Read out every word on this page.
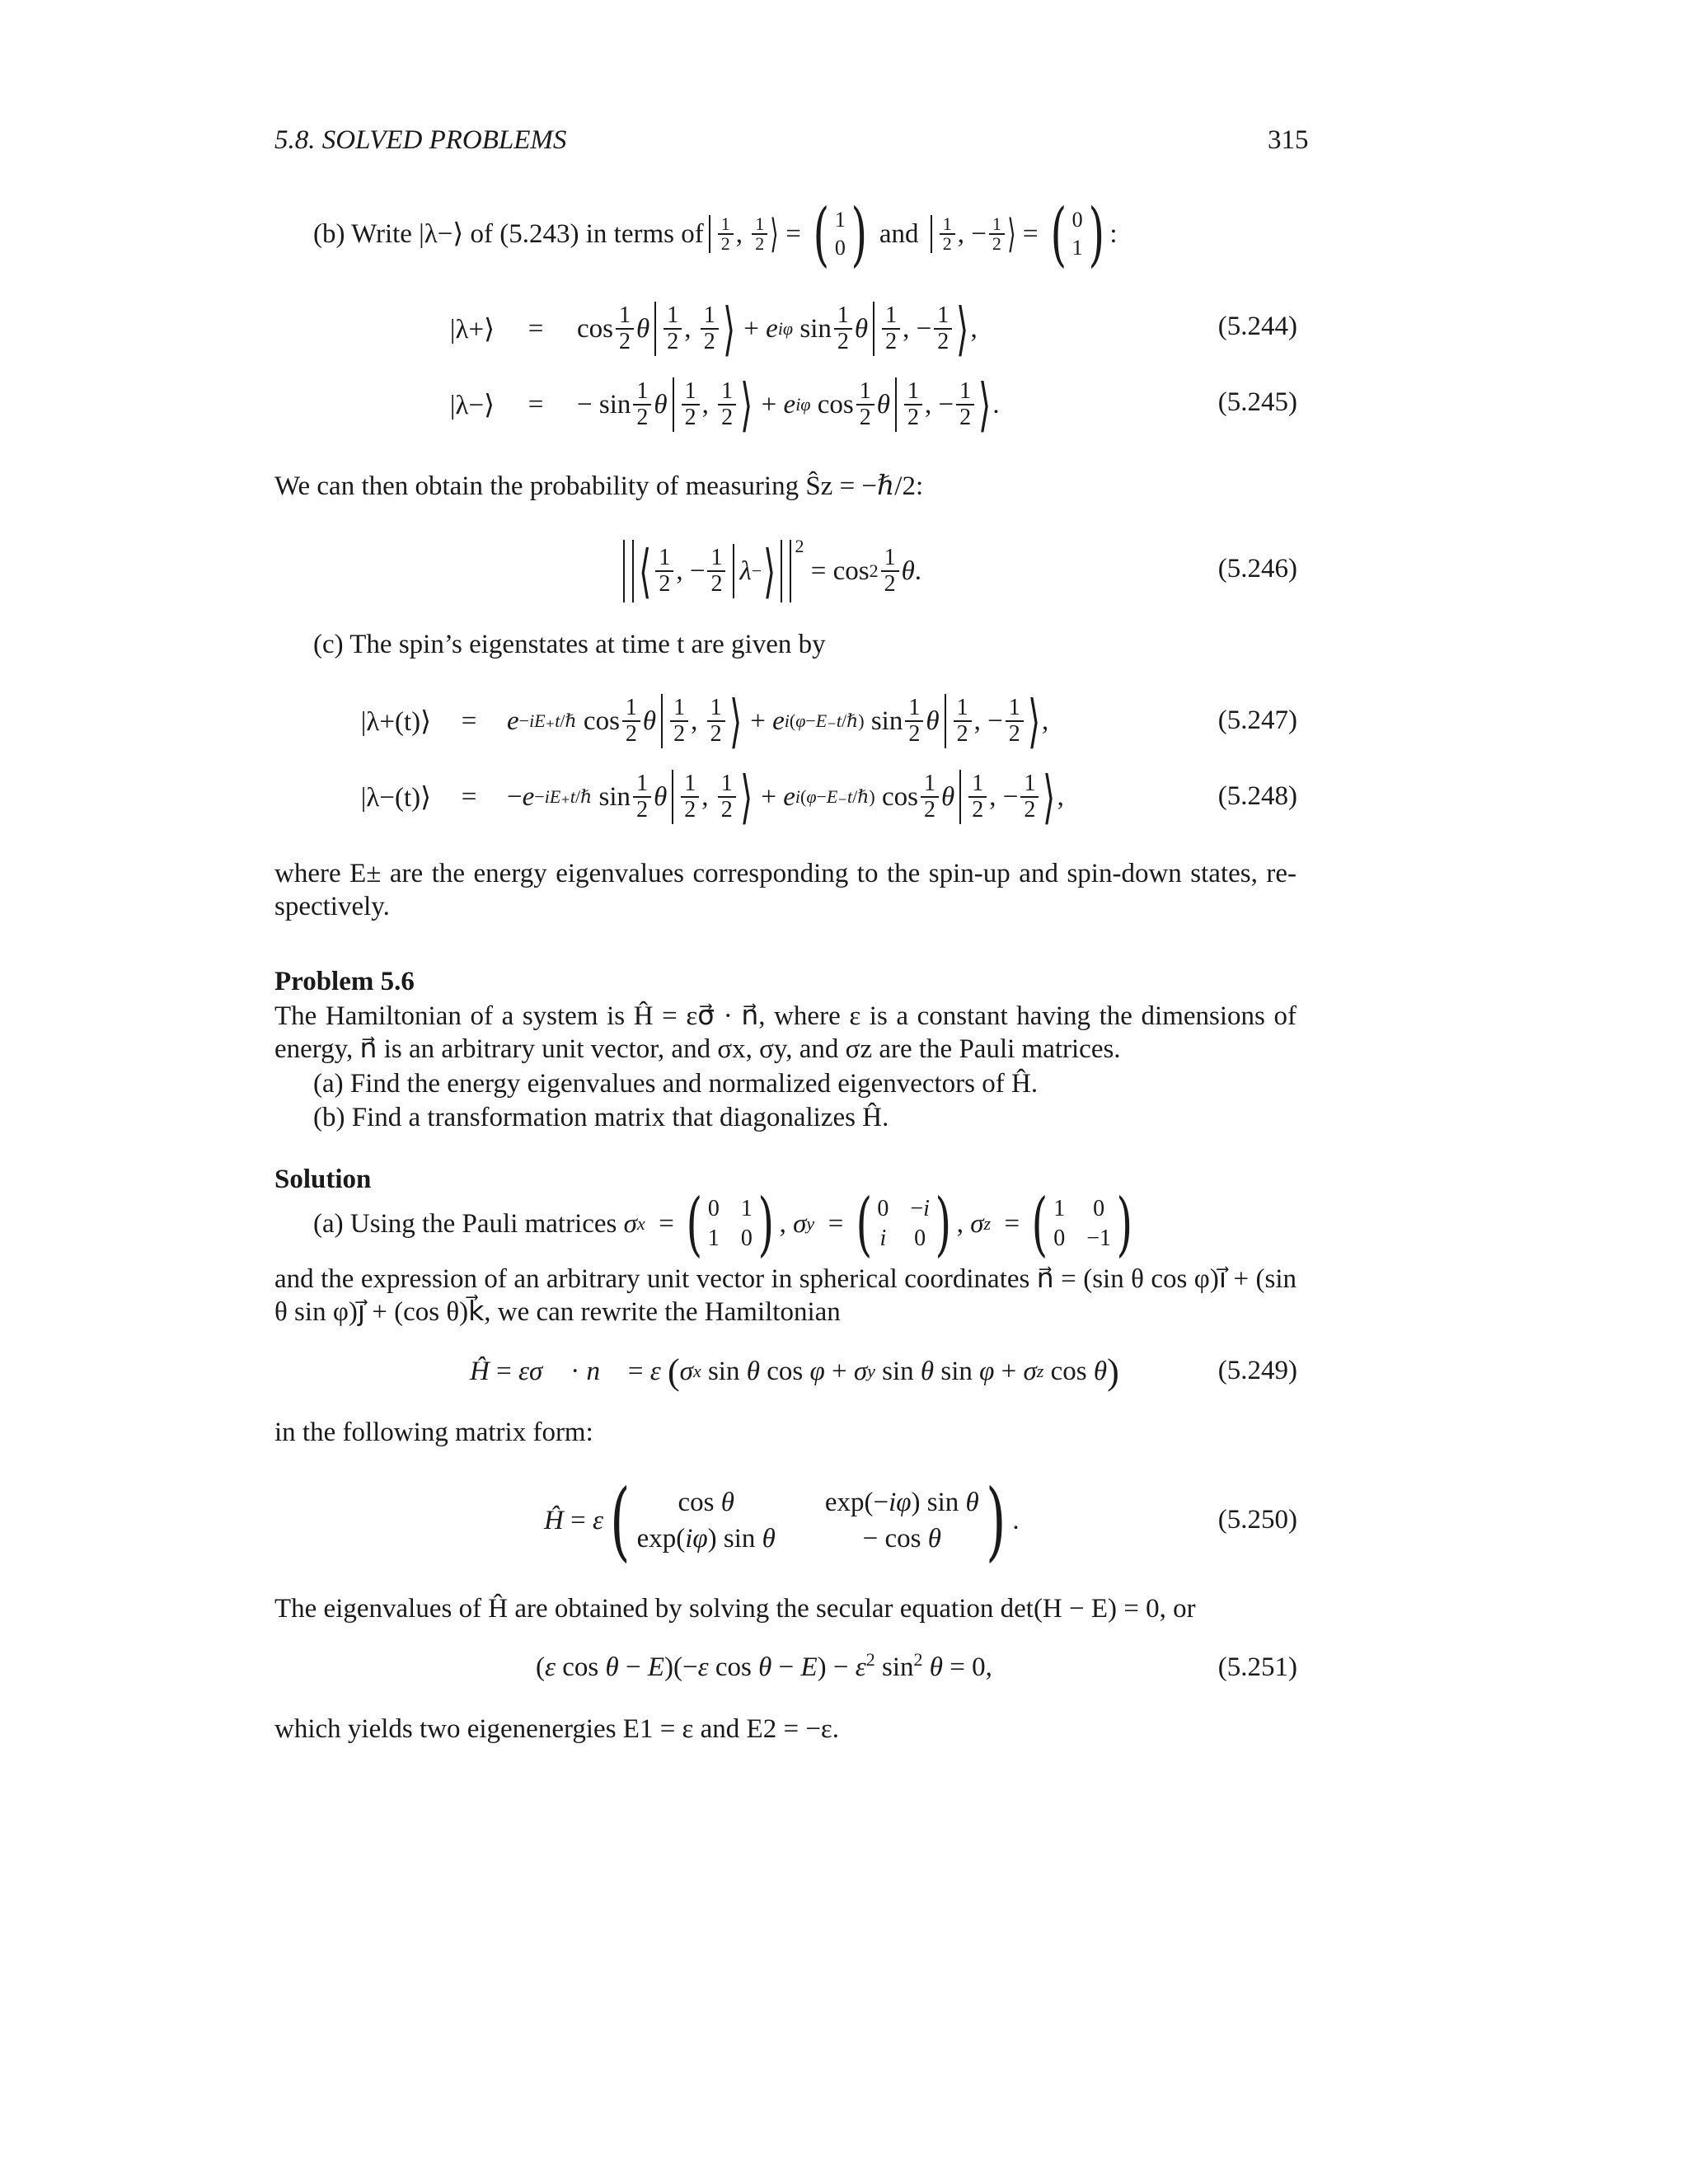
5.8. SOLVED PROBLEMS	315
(b) Write |λ−⟩ of (5.243) in terms of $\frac{1}{2}$ , $\frac{1}{2}$ ⟩ = ( 1
0 )
and
$\frac{1}{2}$ , − $\frac{1}{2}$ ⟩ = ( 0
1 ) :
|λ+⟩	=	$\cos \frac{1}{2}$ θ $\frac{1}{2}$ , $\frac{1}{2}$ ⟩ + e iφ $\sin \frac{1}{2}$ θ $\frac{1}{2}$ , − $\frac{1}{2}$ ⟩ ,	(5.244)
|λ−⟩	=	− $\sin \frac{1}{2}$ θ $\frac{1}{2}$ , $\frac{1}{2}$ ⟩ + e iφ $\cos \frac{1}{2}$ θ $\frac{1}{2}$ , − $\frac{1}{2}$ ⟩ .	(5.245)
We can then obtain the probability of measuring Ŝz = −ℏ/2:
⟨ $\frac{1}{2}$ , − $\frac{1}{2}$ λ − ⟩ $^2$
= $\cos 2 \frac{1}{2}$ θ .	(5.246)
(c) The spin’s eigenstates at time t are given by
|λ+(t)⟩	=	e −iE₊t/ℏ $\cos \frac{1}{2}$ θ $\frac{1}{2}$ , $\frac{1}{2}$ ⟩ + e i(φ−E₋t/ℏ) $\sin \frac{1}{2}$ θ $\frac{1}{2}$ , − $\frac{1}{2}$ ⟩ ,	(5.247)
|λ−(t)⟩	=	− e −iE₊t/ℏ $\sin \frac{1}{2}$ θ $\frac{1}{2}$ , $\frac{1}{2}$ ⟩ + e i(φ−E₋t/ℏ) $\cos \frac{1}{2}$ θ $\frac{1}{2}$ , − $\frac{1}{2}$ ⟩ ,	(5.248)
where E± are the energy eigenvalues corresponding to the spin-up and spin-down states, re- spectively.
Problem 5.6
The Hamiltonian of a system is Ĥ = εσ⃗ · n⃗, where ε is a constant having the dimensions of energy, n⃗ is an arbitrary unit vector, and σx, σy, and σz are the Pauli matrices.
(a) Find the energy eigenvalues and normalized eigenvectors of Ĥ.
(b) Find a transformation matrix that diagonalizes Ĥ.
Solution
(a) Using the Pauli matrices
σ x = ( 0 1
1 0 ) , σ y = ( 0 −i
i 0 ) , σ z = ( 1 0
0 −1 )
and the expression of an arbitrary unit vector in spherical coordinates n⃗ = (sin θ cos φ)i⃗ + (sin θ sin φ)j⃗ + (cos θ)k⃗, we can rewrite the Hamiltonian
Ĥ = ε σ⃗ · n⃗ = ε
( σ x sin θ cos φ + σ y sin θ sin φ + σ z cos θ )	(5.249)
in the following matrix form:
Ĥ = ε (	cos θ	exp(−iφ) sin θ
exp(iφ) sin θ	− cos θ ) .	(5.250)
The eigenvalues of Ĥ are obtained by solving the secular equation det(H − E) = 0, or
(ε cos θ − E)(−ε $\cos \theta - E) - \varepsilon^2$ $\sin^2 \theta = 0$,	(5.251)
which yields two eigenenergies E1 = ε and E2 = −ε.
